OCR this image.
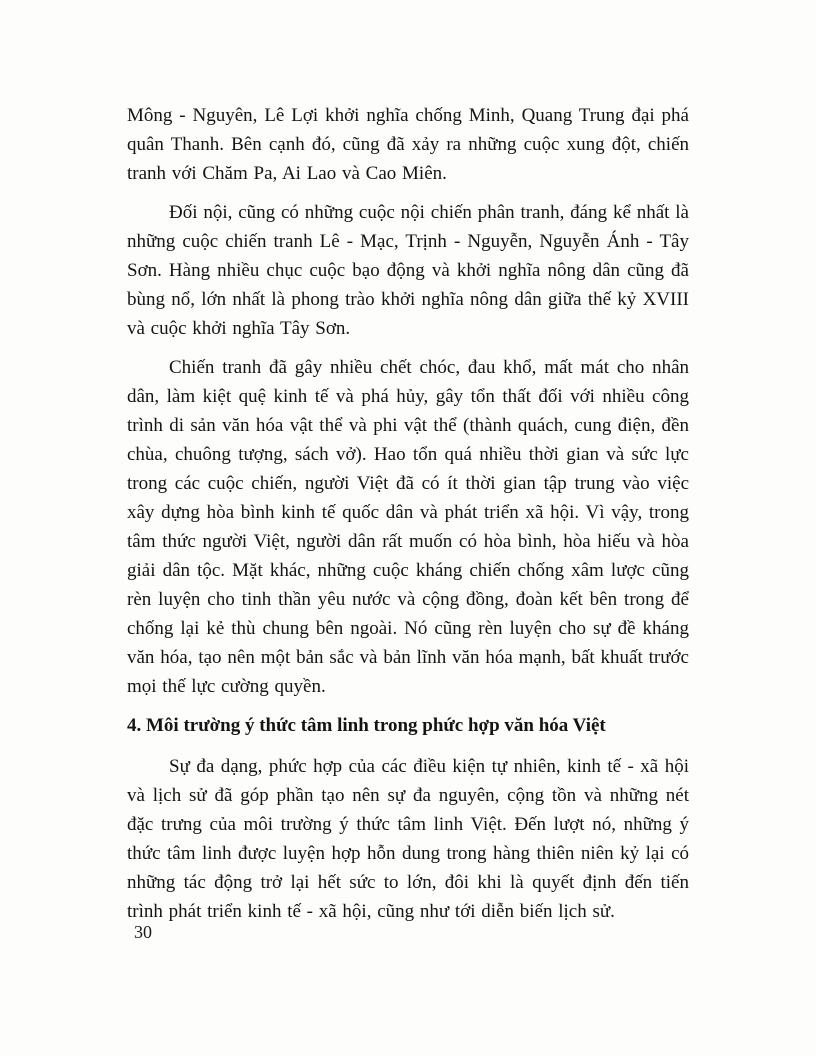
Mông - Nguyên, Lê Lợi khởi nghĩa chống Minh, Quang Trung đại phá quân Thanh. Bên cạnh đó, cũng đã xảy ra những cuộc xung đột, chiến tranh với Chăm Pa, Ai Lao và Cao Miên.

Đối nội, cũng có những cuộc nội chiến phân tranh, đáng kể nhất là những cuộc chiến tranh Lê - Mạc, Trịnh - Nguyễn, Nguyễn Ánh - Tây Sơn. Hàng nhiều chục cuộc bạo động và khởi nghĩa nông dân cũng đã bùng nổ, lớn nhất là phong trào khởi nghĩa nông dân giữa thế kỷ XVIII và cuộc khởi nghĩa Tây Sơn.

Chiến tranh đã gây nhiều chết chóc, đau khổ, mất mát cho nhân dân, làm kiệt quệ kinh tế và phá hủy, gây tổn thất đối với nhiều công trình di sản văn hóa vật thể và phi vật thể (thành quách, cung điện, đền chùa, chuông tượng, sách vở). Hao tổn quá nhiều thời gian và sức lực trong các cuộc chiến, người Việt đã có ít thời gian tập trung vào việc xây dựng hòa bình kinh tế quốc dân và phát triển xã hội. Vì vậy, trong tâm thức người Việt, người dân rất muốn có hòa bình, hòa hiếu và hòa giải dân tộc. Mặt khác, những cuộc kháng chiến chống xâm lược cũng rèn luyện cho tinh thần yêu nước và cộng đồng, đoàn kết bên trong để chống lại kẻ thù chung bên ngoài. Nó cũng rèn luyện cho sự đề kháng văn hóa, tạo nên một bản sắc và bản lĩnh văn hóa mạnh, bất khuất trước mọi thế lực cường quyền.

4. Môi trường ý thức tâm linh trong phức hợp văn hóa Việt

Sự đa dạng, phức hợp của các điều kiện tự nhiên, kinh tế - xã hội và lịch sử đã góp phần tạo nên sự đa nguyên, cộng tồn và những nét đặc trưng của môi trường ý thức tâm linh Việt. Đến lượt nó, những ý thức tâm linh được luyện hợp hỗn dung trong hàng thiên niên kỷ lại có những tác động trở lại hết sức to lớn, đôi khi là quyết định đến tiến trình phát triển kinh tế - xã hội, cũng như tới diễn biến lịch sử.

30
